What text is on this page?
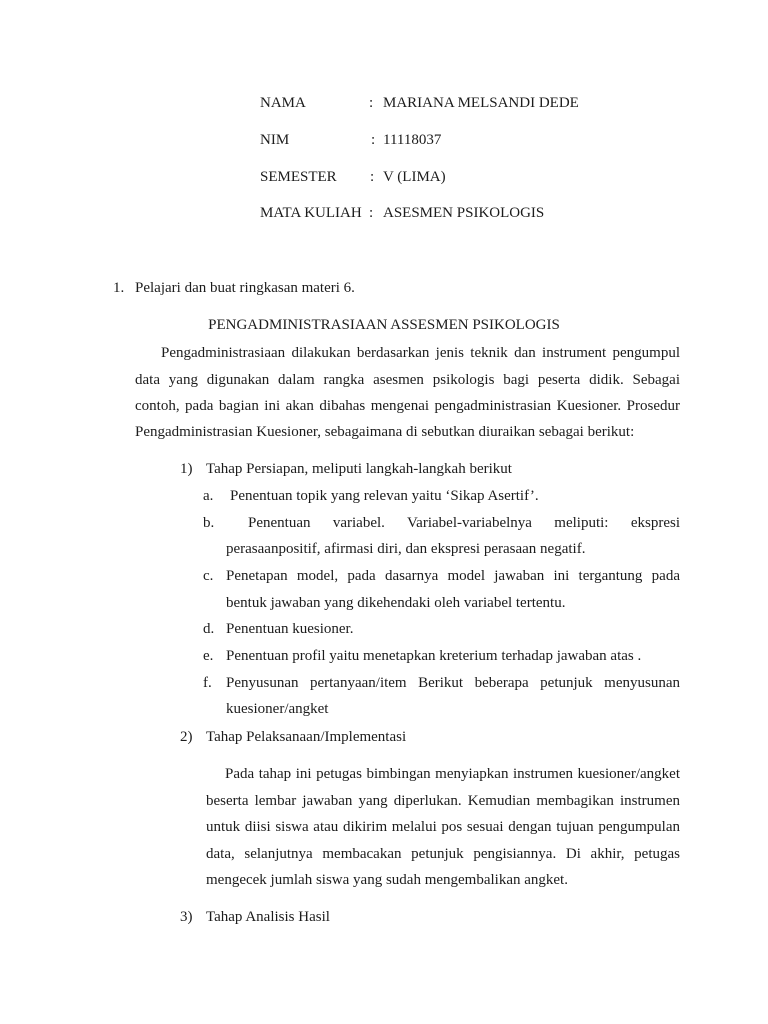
NAMA	: MARIANA MELSANDI DEDE
NIM	: 11118037
SEMESTER : V (LIMA)
MATA KULIAH : ASESMEN PSIKOLOGIS
1. Pelajari dan buat ringkasan materi 6.
PENGADMINISTRASIAAN ASSESMEN PSIKOLOGIS
Pengadministrasiaan dilakukan berdasarkan jenis teknik dan instrument pengumpul
data yang digunakan dalam rangka asesmen psikologis bagi peserta didik. Sebagai
contoh, pada bagian ini akan dibahas mengenai pengadministrasian Kuesioner. Prosedur
Pengadministrasian Kuesioner, sebagaimana di sebutkan diuraikan sebagai berikut:
1) Tahap Persiapan, meliputi langkah-langkah berikut
a. Penentuan topik yang relevan yaitu ‘Sikap Asertif’.
b. Penentuan variabel. Variabel-variabelnya meliputi: ekspresi
perasaanpositif, afirmasi diri, dan ekspresi perasaan negatif.
c. Penetapan model, pada dasarnya model jawaban ini tergantung pada
bentuk jawaban yang dikehendaki oleh variabel tertentu.
d. Penentuan kuesioner.
e. Penentuan profil yaitu menetapkan kreterium terhadap jawaban atas .
f. Penyusunan pertanyaan/item Berikut beberapa petunjuk menyusunan
kuesioner/angket
2) Tahap Pelaksanaan/Implementasi
Pada tahap ini petugas bimbingan menyiapkan instrumen kuesioner/angket
beserta lembar jawaban yang diperlukan. Kemudian membagikan instrumen
untuk diisi siswa atau dikirim melalui pos sesuai dengan tujuan pengumpulan
data, selanjutnya membacakan petunjuk pengisiannya. Di akhir, petugas
mengecek jumlah siswa yang sudah mengembalikan angket.
3) Tahap Analisis Hasil
